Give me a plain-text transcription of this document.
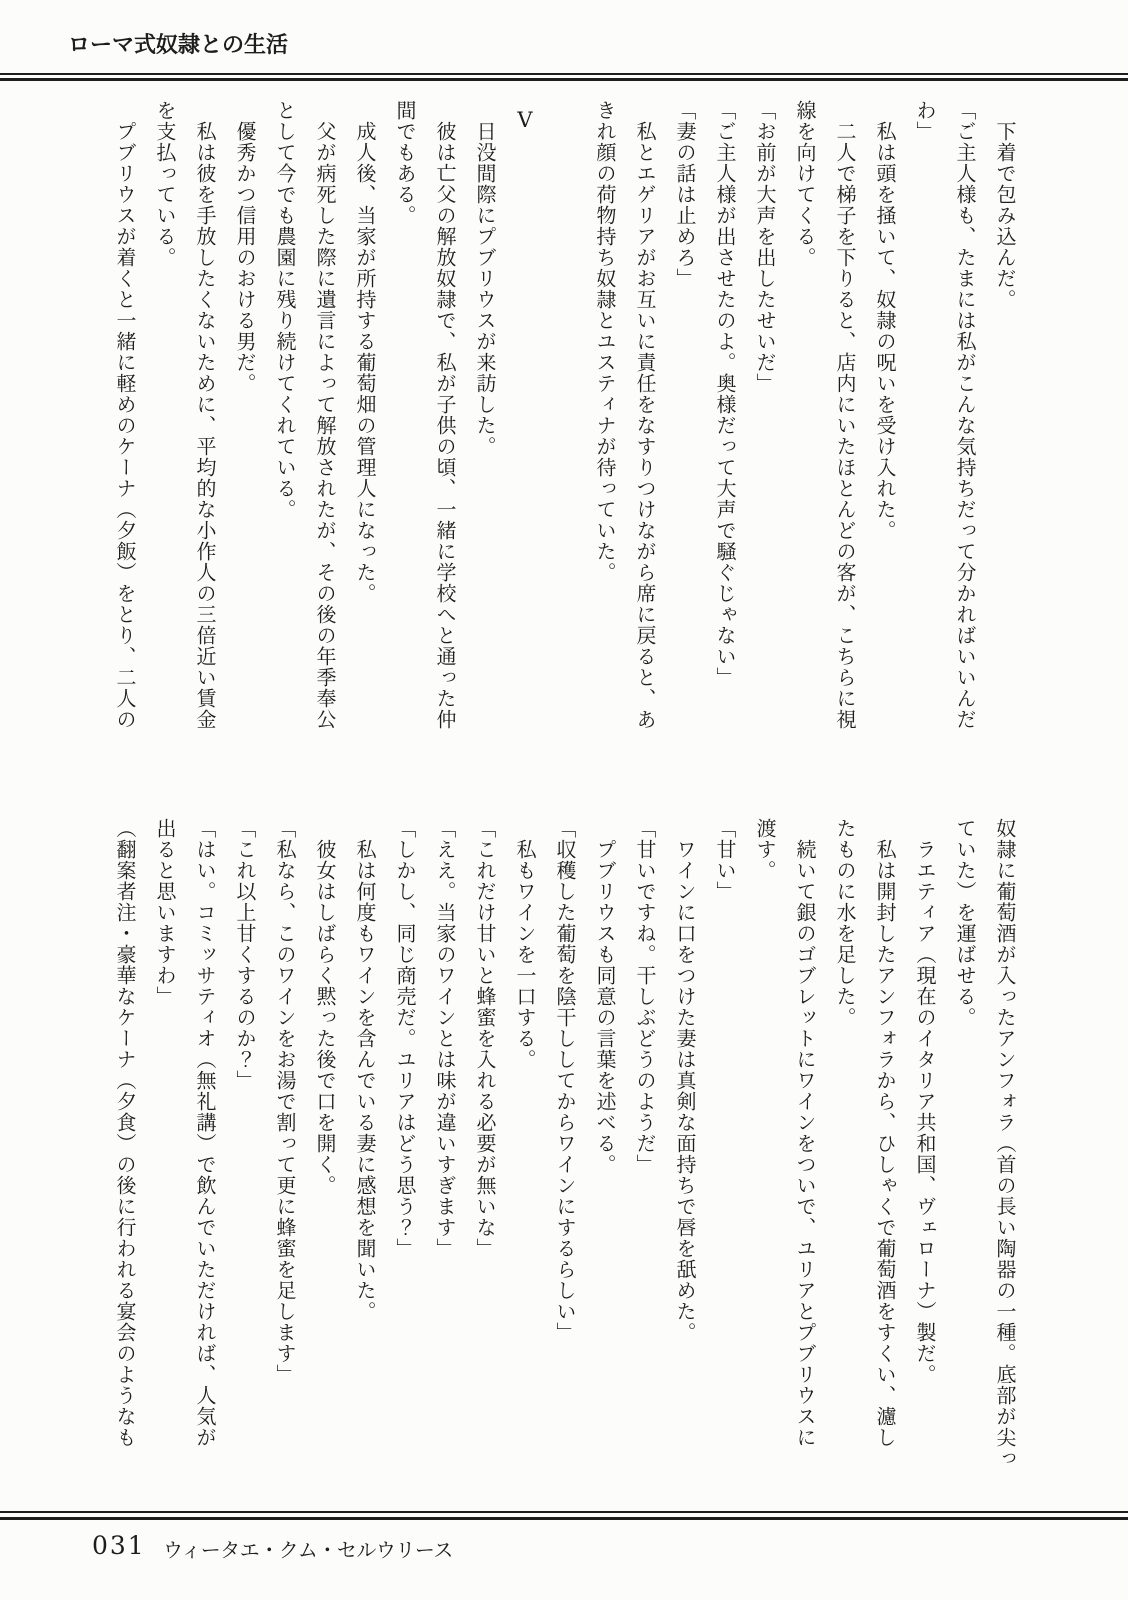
ローマ式奴隷との生活
下着で包み込んだ。
「ご主人様も、たまには私がこんな気持ちだって分かればいいんだ
わ」
私は頭を掻いて、奴隷の呪いを受け入れた。
二人で梯子を下りると、店内にいたほとんどの客が、こちらに視
線を向けてくる。
「お前が大声を出したせいだ」
「ご主人様が出させたのよ。奥様だって大声で騒ぐじゃない」
「妻の話は止めろ」
私とエゲリアがお互いに責任をなすりつけながら席に戻ると、あ
きれ顔の荷物持ち奴隷とユスティナが待っていた。
V
日没間際にプブリウスが来訪した。
彼は亡父の解放奴隷で、私が子供の頃、一緒に学校へと通った仲
間でもある。
成人後、当家が所持する葡萄畑の管理人になった。
父が病死した際に遺言によって解放されたが、その後の年季奉公
として今でも農園に残り続けてくれている。
優秀かつ信用のおける男だ。
私は彼を手放したくないために、平均的な小作人の三倍近い賃金
を支払っている。
プブリウスが着くと一緒に軽めのケーナ（夕飯）をとり、二人の
奴隷に葡萄酒が入ったアンフォラ（首の長い陶器の一種。底部が尖っ
ていた）を運ばせる。
ラエティア（現在のイタリア共和国、ヴェローナ）製だ。
私は開封したアンフォラから、ひしゃくで葡萄酒をすくい、濾し
たものに水を足した。
続いて銀のゴブレットにワインをついで、ユリアとプブリウスに
渡す。
「甘い」
ワインに口をつけた妻は真剣な面持ちで唇を舐めた。
「甘いですね。干しぶどうのようだ」
プブリウスも同意の言葉を述べる。
「収穫した葡萄を陰干ししてからワインにするらしい」
私もワインを一口する。
「これだけ甘いと蜂蜜を入れる必要が無いな」
「ええ。当家のワインとは味が違いすぎます」
「しかし、同じ商売だ。ユリアはどう思う？」
私は何度もワインを含んでいる妻に感想を聞いた。
彼女はしばらく黙った後で口を開く。
「私なら、このワインをお湯で割って更に蜂蜜を足します」
「これ以上甘くするのか？」
「はい。コミッサティオ（無礼講）で飲んでいただければ、人気が
出ると思いますわ」
（翻案者注・豪華なケーナ（夕食）の後に行われる宴会のようなも
031 ウィータエ・クム・セルウリース
